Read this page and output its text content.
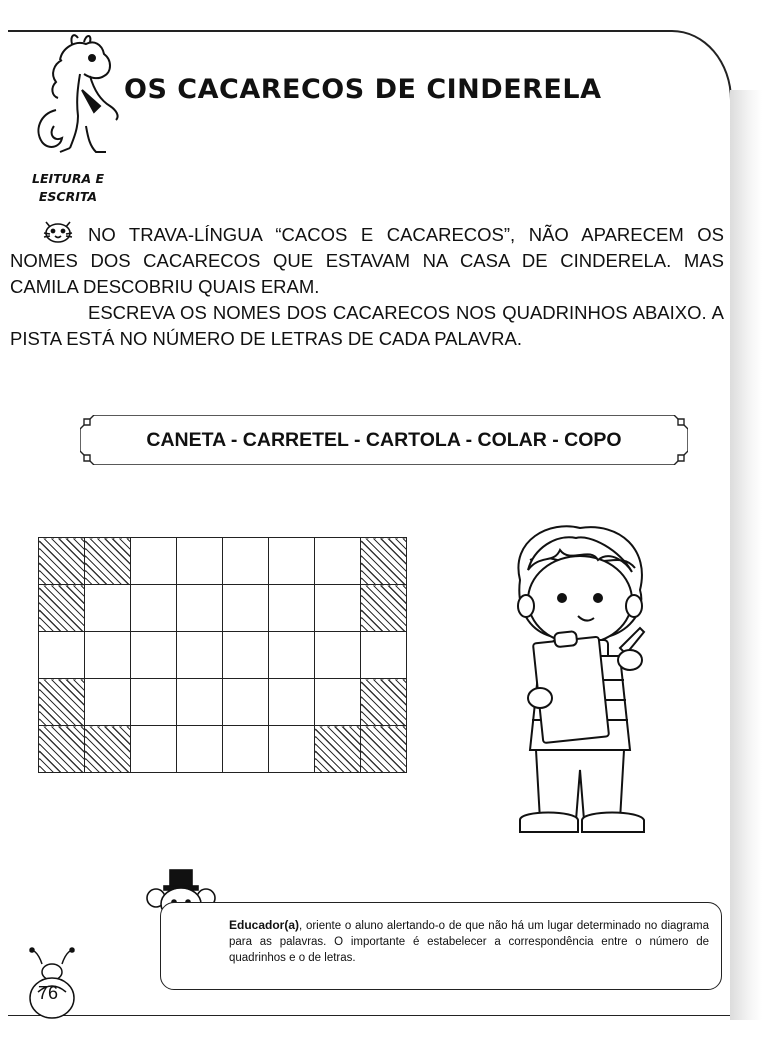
OS CACARECOS DE CINDERELA
LEITURA E
ESCRITA

NO TRAVA-LÍNGUA “CACOS E CACARECOS”, NÃO APARECEM OS NOMES DOS CACARECOS QUE ESTAVAM NA CASA DE CINDERELA. MAS CAMILA DESCOBRIU QUAIS ERAM.

ESCREVA OS NOMES DOS CACARECOS NOS QUADRINHOS ABAIXO. A PISTA ESTÁ NO NÚMERO DE LETRAS DE CADA PALAVRA.

CANETA - CARRETEL - CARTOLA - COLAR - COPO

Educador(a), oriente o aluno alertando-o de que não há um lugar determinado no diagrama para as palavras. O importante é estabelecer a correspondência entre o número de quadrinhos e o de letras.

76
